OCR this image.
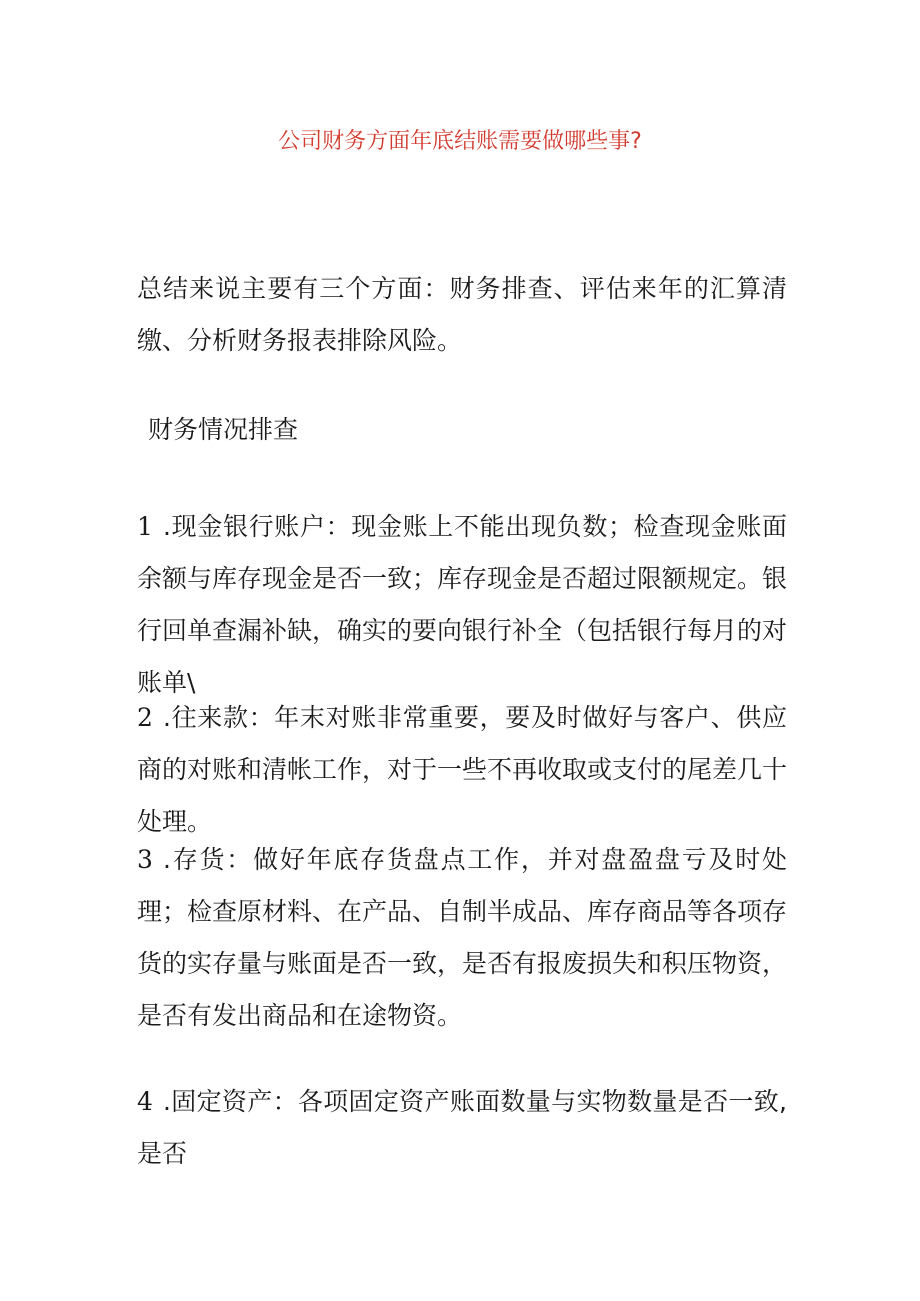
公司财务方面年底结账需要做哪些事?

总结来说主要有三个方面：财务排查、评估来年的汇算清缴、分析财务报表排除风险。

财务情况排查

1 .现金银行账户：现金账上不能出现负数；检查现金账面余额与库存现金是否一致；库存现金是否超过限额规定。银行回单查漏补缺，确实的要向银行补全（包括银行每月的对账单\

2 .往来款：年末对账非常重要，要及时做好与客户、供应商的对账和清帐工作，对于一些不再收取或支付的尾差几十处理。

3 .存货：做好年底存货盘点工作，并对盘盈盘亏及时处理；检查原材料、在产品、自制半成品、库存商品等各项存货的实存量与账面是否一致，是否有报废损失和积压物资，是否有发出商品和在途物资。

4 .固定资产：各项固定资产账面数量与实物数量是否一致,是否
